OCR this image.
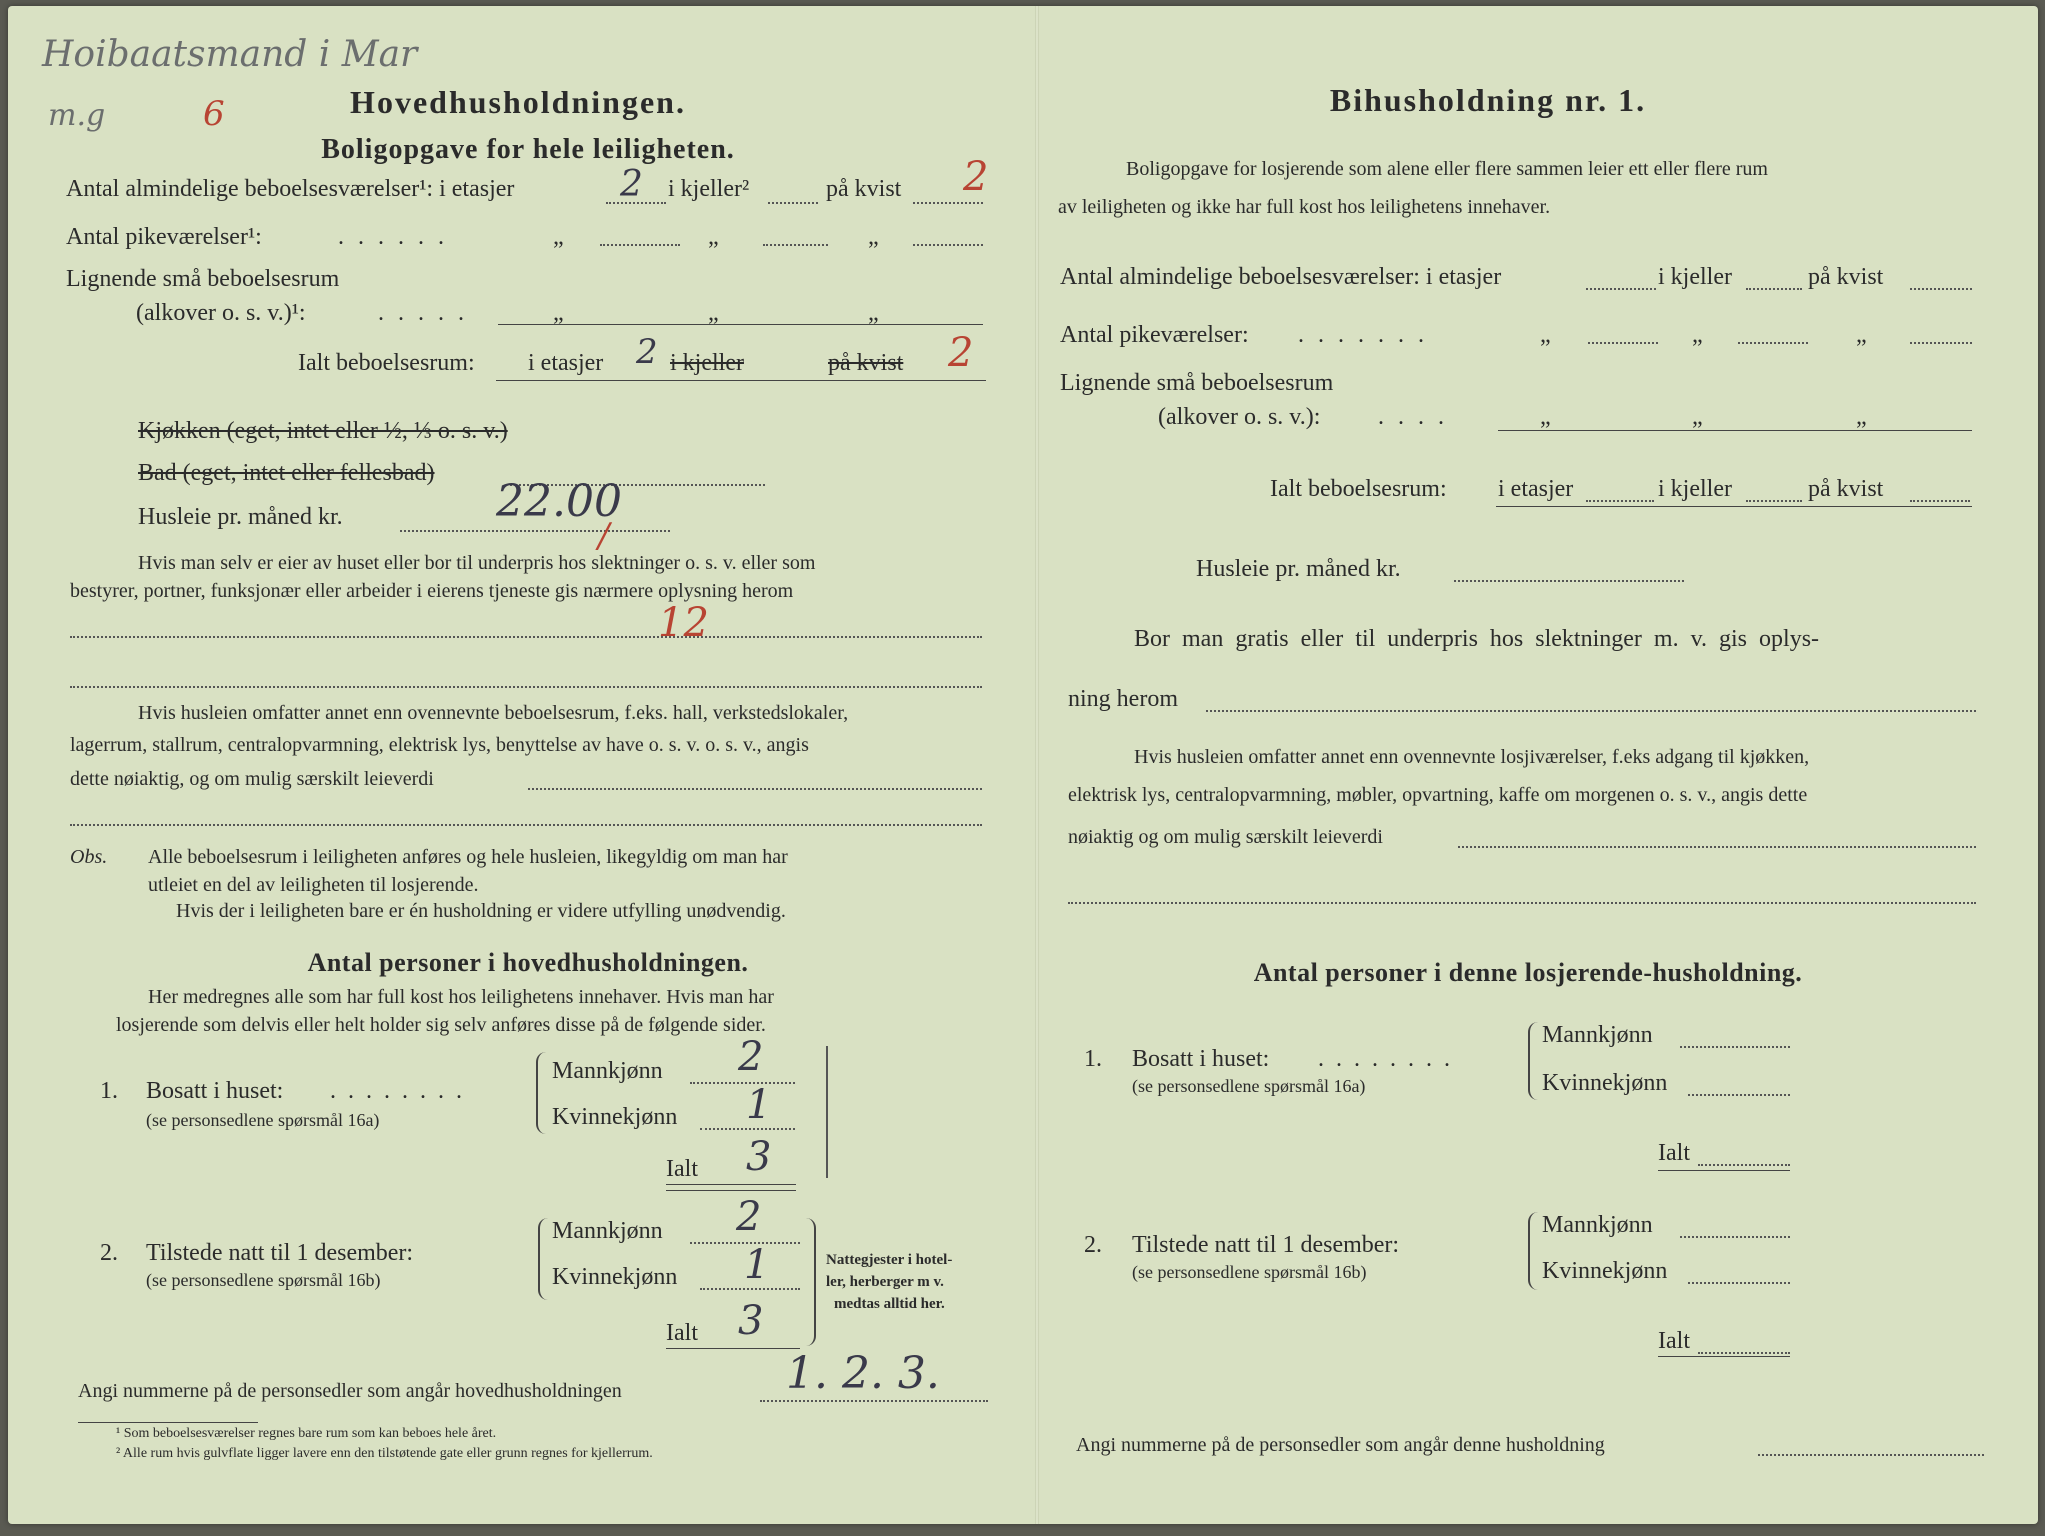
Hoibaatsmand i Mar
m.g	6	Hovedhusholdningen.
Boligopgave for hele leiligheten.
Antal almindelige beboelsesværelser¹: i etasjer	2 i kjeller²	på kvist 2
Antal pikeværelser¹:	......	„	„	„
Lignende små beboelsesrum
(alkover o. s. v.)¹:	.....	„	„	„
Ialt beboelsesrum: i etasjer 2 i kjeller	på kvist 2
Kjøkken (eget, intet eller ½, ⅓ o. s. v.)
Bad (eget, intet eller fellesbad)
Husleie pr. måned kr.	22.00
/
Hvis man selv er eier av huset eller bor til underpris hos slektninger o. s. v. eller som
bestyrer, portner, funksjonær eller arbeider i eierens tjeneste gis nærmere oplysning herom
12
Hvis husleien omfatter annet enn ovennevnte beboelsesrum, f.eks. hall, verkstedslokaler,
lagerrum, stallrum, centralopvarmning, elektrisk lys, benyttelse av have o. s. v. o. s. v., angis
dette nøiaktig, og om mulig særskilt leieverdi
Obs. Alle beboelsesrum i leiligheten anføres og hele husleien, likegyldig om man har
utleiet en del av leiligheten til losjerende.
Hvis der i leiligheten bare er én husholdning er videre utfylling unødvendig.
Antal personer i hovedhusholdningen.
Her medregnes alle som har full kost hos leilighetens innehaver. Hvis man har
losjerende som delvis eller helt holder sig selv anføres disse på de følgende sider.
1. Bosatt i huset: ........
(se personsedlene spørsmål 16a)
Mannkjønn 2
Kvinnekjønn 1
Ialt 3
2. Tilstede natt til 1 desember:
(se personsedlene spørsmål 16b)
Mannkjønn 2
Kvinnekjønn 1
Ialt 3
Nattegjester i hotel-
ler, herberger m v.
medtas alltid her.
Angi nummerne på de personsedler som angår hovedhusholdningen	1. 2. 3.
¹ Som beboelsesværelser regnes bare rum som kan beboes hele året.
² Alle rum hvis gulvflate ligger lavere enn den tilstøtende gate eller grunn regnes for kjellerrum.
Bihusholdning nr. 1.
Boligopgave for losjerende som alene eller flere sammen leier ett eller flere rum
av leiligheten og ikke har full kost hos leilighetens innehaver.
Antal almindelige beboelsesværelser: i etasjer	i kjeller	på kvist
Antal pikeværelser: .......	„	„	„
Lignende små beboelsesrum
(alkover o. s. v.): ....	„	„	„
Ialt beboelsesrum: i etasjer	i kjeller	på kvist
Husleie pr. måned kr.
Bor man gratis eller til underpris hos slektninger m. v. gis oplys-
ning herom
Hvis husleien omfatter annet enn ovennevnte losjiværelser, f.eks adgang til kjøkken,
elektrisk lys, centralopvarmning, møbler, opvartning, kaffe om morgenen o. s. v., angis dette
nøiaktig og om mulig særskilt leieverdi
Antal personer i denne losjerende-husholdning.
1. Bosatt i huset: ........
(se personsedlene spørsmål 16a)
Mannkjønn
Kvinnekjønn
Ialt
2. Tilstede natt til 1 desember:
(se personsedlene spørsmål 16b)
Mannkjønn
Kvinnekjønn
Ialt
Angi nummerne på de personsedler som angår denne husholdning
